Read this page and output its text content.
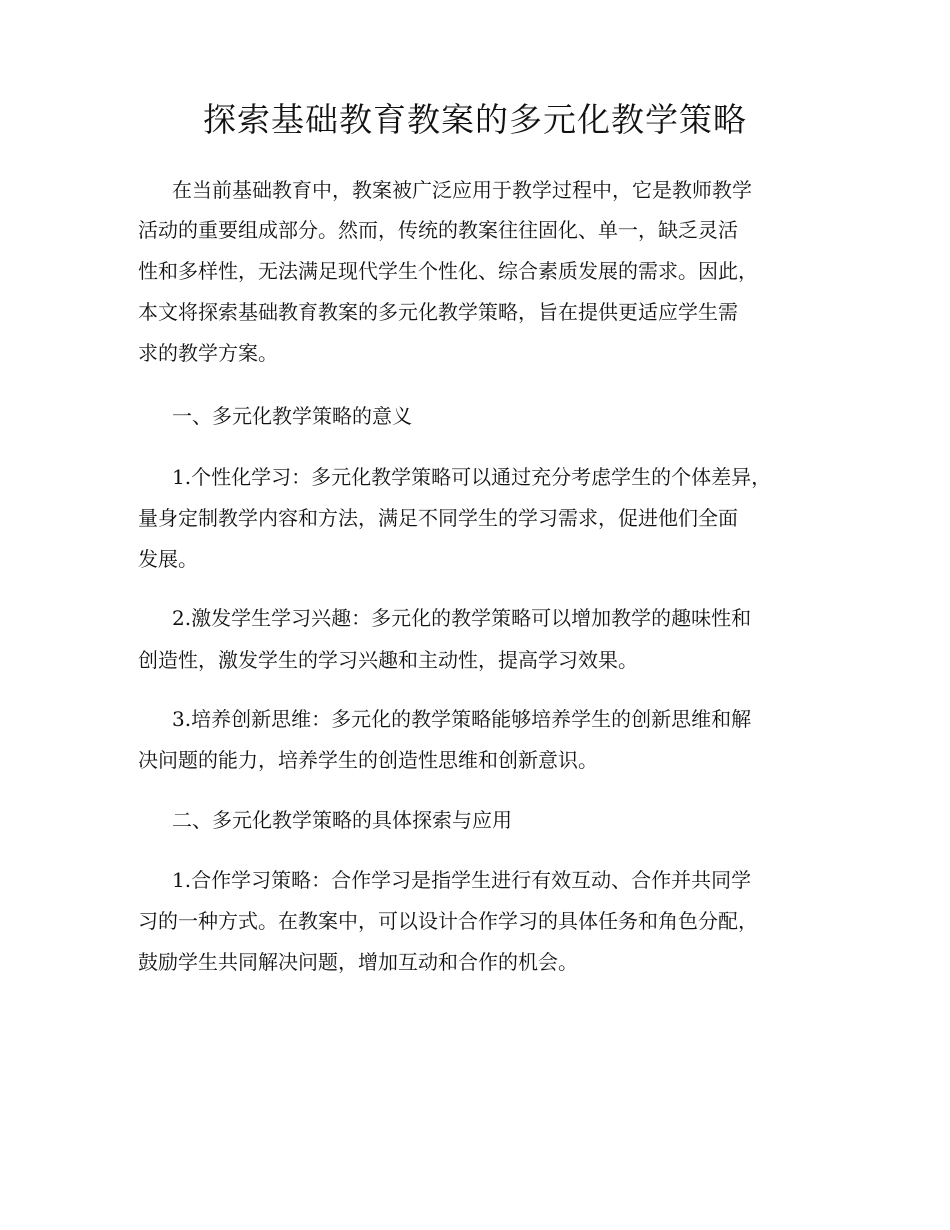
探索基础教育教案的多元化教学策略
在当前基础教育中，教案被广泛应用于教学过程中，它是教师教学
活动的重要组成部分。然而，传统的教案往往固化、单一，缺乏灵活
性和多样性，无法满足现代学生个性化、综合素质发展的需求。因此，
本文将探索基础教育教案的多元化教学策略，旨在提供更适应学生需
求的教学方案。
一、多元化教学策略的意义
1.个性化学习：多元化教学策略可以通过充分考虑学生的个体差异，
量身定制教学内容和方法，满足不同学生的学习需求，促进他们全面
发展。
2.激发学生学习兴趣：多元化的教学策略可以增加教学的趣味性和
创造性，激发学生的学习兴趣和主动性，提高学习效果。
3.培养创新思维：多元化的教学策略能够培养学生的创新思维和解
决问题的能力，培养学生的创造性思维和创新意识。
二、多元化教学策略的具体探索与应用
1.合作学习策略：合作学习是指学生进行有效互动、合作并共同学
习的一种方式。在教案中，可以设计合作学习的具体任务和角色分配，
鼓励学生共同解决问题，增加互动和合作的机会。
